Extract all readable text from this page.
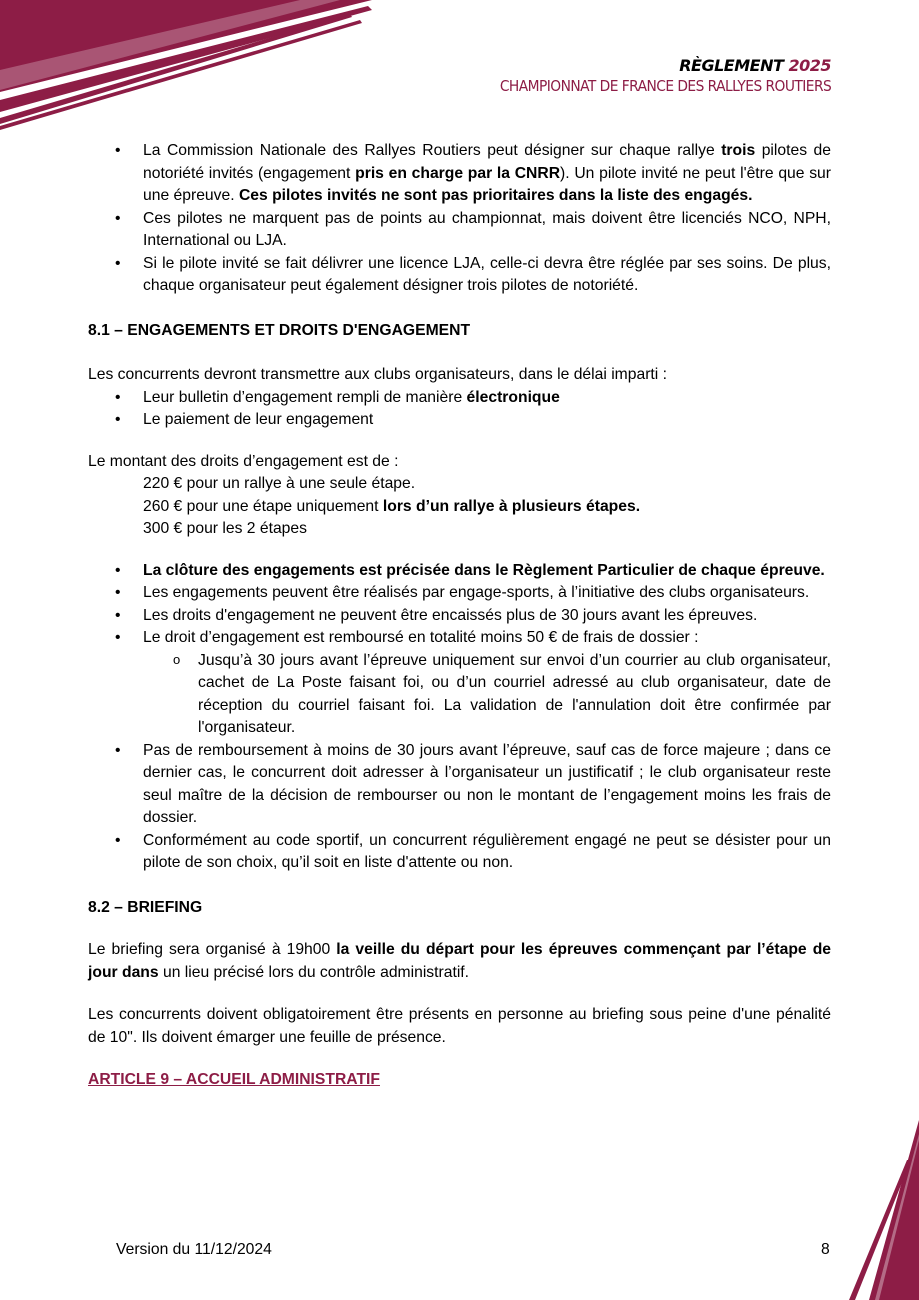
RÈGLEMENT 2025
CHAMPIONNAT DE FRANCE DES RALLYES ROUTIERS
• La Commission Nationale des Rallyes Routiers peut désigner sur chaque rallye trois pilotes de notoriété invités (engagement pris en charge par la CNRR). Un pilote invité ne peut l'être que sur une épreuve. Ces pilotes invités ne sont pas prioritaires dans la liste des engagés.
• Ces pilotes ne marquent pas de points au championnat, mais doivent être licenciés NCO, NPH, International ou LJA.
• Si le pilote invité se fait délivrer une licence LJA, celle-ci devra être réglée par ses soins. De plus, chaque organisateur peut également désigner trois pilotes de notoriété.
8.1 – ENGAGEMENTS ET DROITS D'ENGAGEMENT

Les concurrents devront transmettre aux clubs organisateurs, dans le délai imparti :

• Leur bulletin d’engagement rempli de manière électronique
• Le paiement de leur engagement

Le montant des droits d’engagement est de :

220 € pour un rallye à une seule étape.
260 € pour une étape uniquement lors d’un rallye à plusieurs étapes.
300 € pour les 2 étapes
• La clôture des engagements est précisée dans le Règlement Particulier de chaque épreuve.
• Les engagements peuvent être réalisés par engage-sports, à l’initiative des clubs organisateurs.
• Les droits d'engagement ne peuvent être encaissés plus de 30 jours avant les épreuves.
• Le droit d’engagement est remboursé en totalité moins 50 € de frais de dossier :
o Jusqu’à 30 jours avant l’épreuve uniquement sur envoi d’un courrier au club organisateur, cachet de La Poste faisant foi, ou d’un courriel adressé au club organisateur, date de réception du courriel faisant foi. La validation de l'annulation doit être confirmée par l'organisateur.
• Pas de remboursement à moins de 30 jours avant l’épreuve, sauf cas de force majeure ; dans ce dernier cas, le concurrent doit adresser à l’organisateur un justificatif ; le club organisateur reste seul maître de la décision de rembourser ou non le montant de l’engagement moins les frais de dossier.
• Conformément au code sportif, un concurrent régulièrement engagé ne peut se désister pour un pilote de son choix, qu’il soit en liste d'attente ou non.
8.2 – BRIEFING

Le briefing sera organisé à 19h00 la veille du départ pour les épreuves commençant par l’étape de jour dans un lieu précisé lors du contrôle administratif.

Les concurrents doivent obligatoirement être présents en personne au briefing sous peine d'une pénalité de 10". Ils doivent émarger une feuille de présence.

ARTICLE 9 – ACCUEIL ADMINISTRATIF
Version du 11/12/2024	8
